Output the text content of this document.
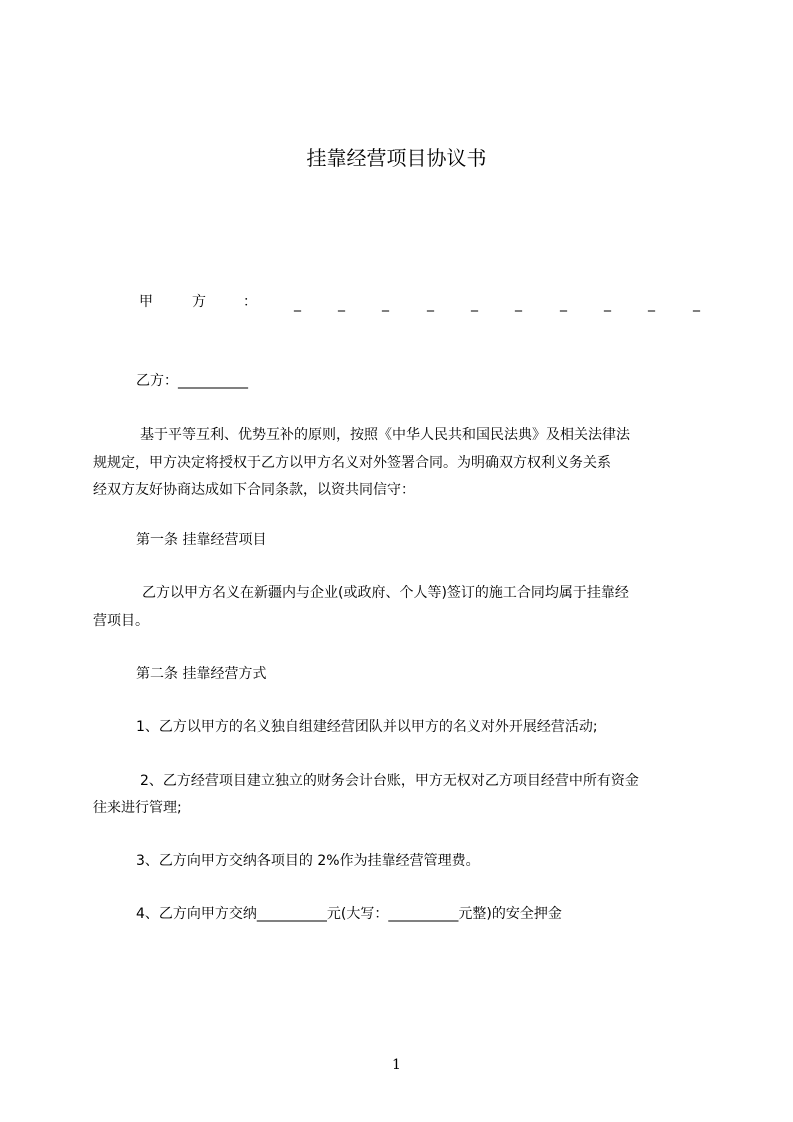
挂靠经营项目协议书
甲	方	：	_	_	_	_	_	_	_	_	_	_
乙方：__________
基于平等互利、优势互补的原则，按照《中华人民共和国民法典》及相关法律法
规规定，甲方决定将授权于乙方以甲方名义对外签署合同。为明确双方权利义务关系
经双方友好协商达成如下合同条款，以资共同信守：
第一条 挂靠经营项目
乙方以甲方名义在新疆内与企业(或政府、个人等)签订的施工合同均属于挂靠经
营项目。
第二条 挂靠经营方式
1、乙方以甲方的名义独自组建经营团队并以甲方的名义对外开展经营活动;
2、乙方经营项目建立独立的财务会计台账，甲方无权对乙方项目经营中所有资金
往来进行管理;
3、乙方向甲方交纳各项目的 2%作为挂靠经营管理费。
4、乙方向甲方交纳__________元(大写：__________元整)的安全押金
1
